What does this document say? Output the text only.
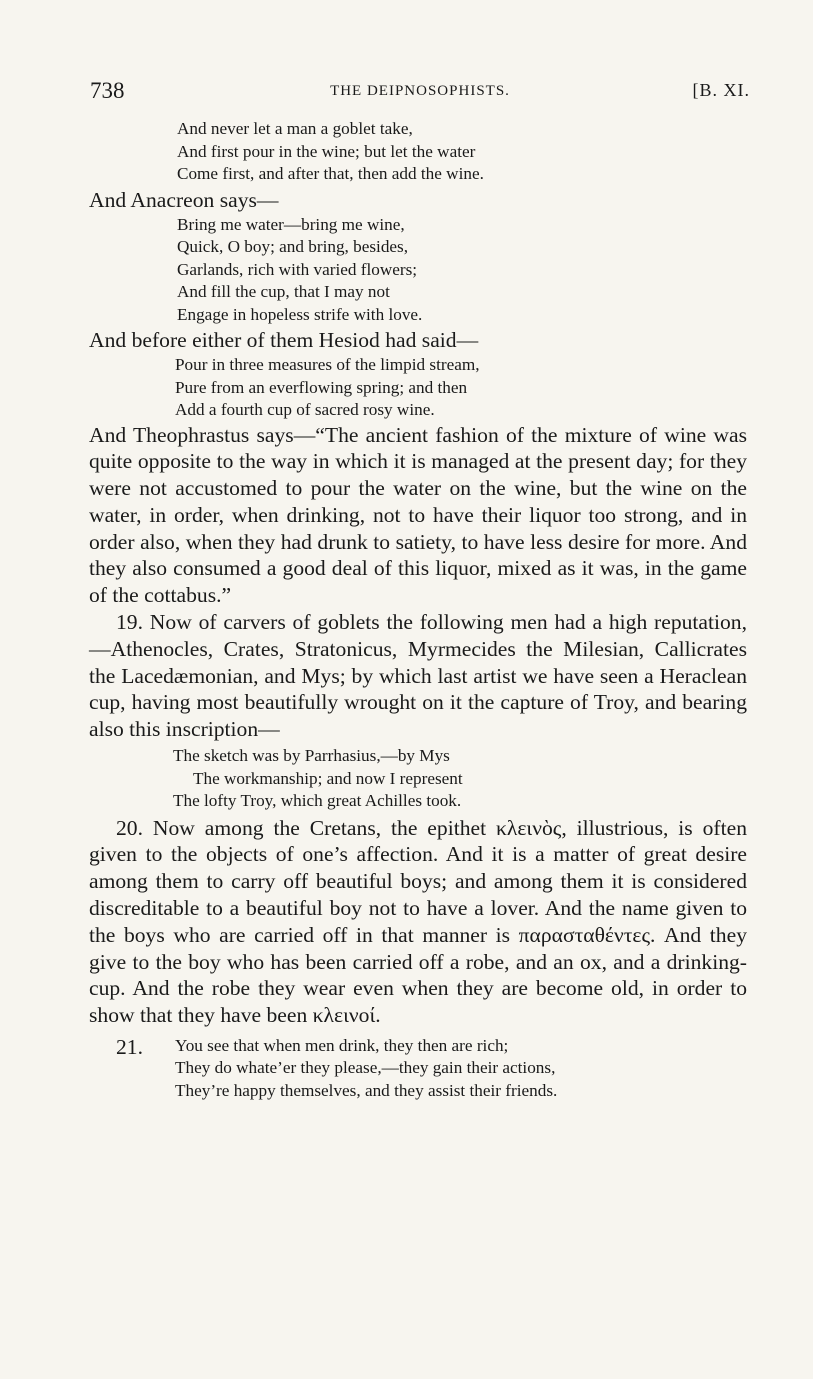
738	THE DEIPNOSOPHISTS.	[B. XI.
And never let a man a goblet take,
And first pour in the wine; but let the water
Come first, and after that, then add the wine.
And Anacreon says—
Bring me water—bring me wine,
Quick, O boy; and bring, besides,
Garlands, rich with varied flowers;
And fill the cup, that I may not
Engage in hopeless strife with love.
And before either of them Hesiod had said—
Pour in three measures of the limpid stream,
Pure from an everflowing spring; and then
Add a fourth cup of sacred rosy wine.

And Theophrastus says—“The ancient fashion of the mixture of wine was quite opposite to the way in which it is managed at the present day; for they were not accustomed to pour the water on the wine, but the wine on the water, in order, when drinking, not to have their liquor too strong, and in order also, when they had drunk to satiety, to have less desire for more. And they also consumed a good deal of this liquor, mixed as it was, in the game of the cottabus.”

19. Now of carvers of goblets the following men had a high reputation,—Athenocles, Crates, Stratonicus, Myrmecides the Milesian, Callicrates the Lacedæmonian, and Mys; by which last artist we have seen a Heraclean cup, having most beautifully wrought on it the capture of Troy, and bearing also this inscription—

The sketch was by Parrhasius,—by Mys
The workmanship; and now I represent
The lofty Troy, which great Achilles took.

20. Now among the Cretans, the epithet κλεινὸς, illustrious, is often given to the objects of one’s affection. And it is a matter of great desire among them to carry off beautiful boys; and among them it is considered discreditable to a beautiful boy not to have a lover. And the name given to the boys who are carried off in that manner is παρασταθέντες. And they give to the boy who has been carried off a robe, and an ox, and a drinking-cup. And the robe they wear even when they are become old, in order to show that they have been κλεινοί.

21.	You see that when men drink, they then are rich;
They do whate’er they please,—they gain their actions,
They’re happy themselves, and they assist their friends.
